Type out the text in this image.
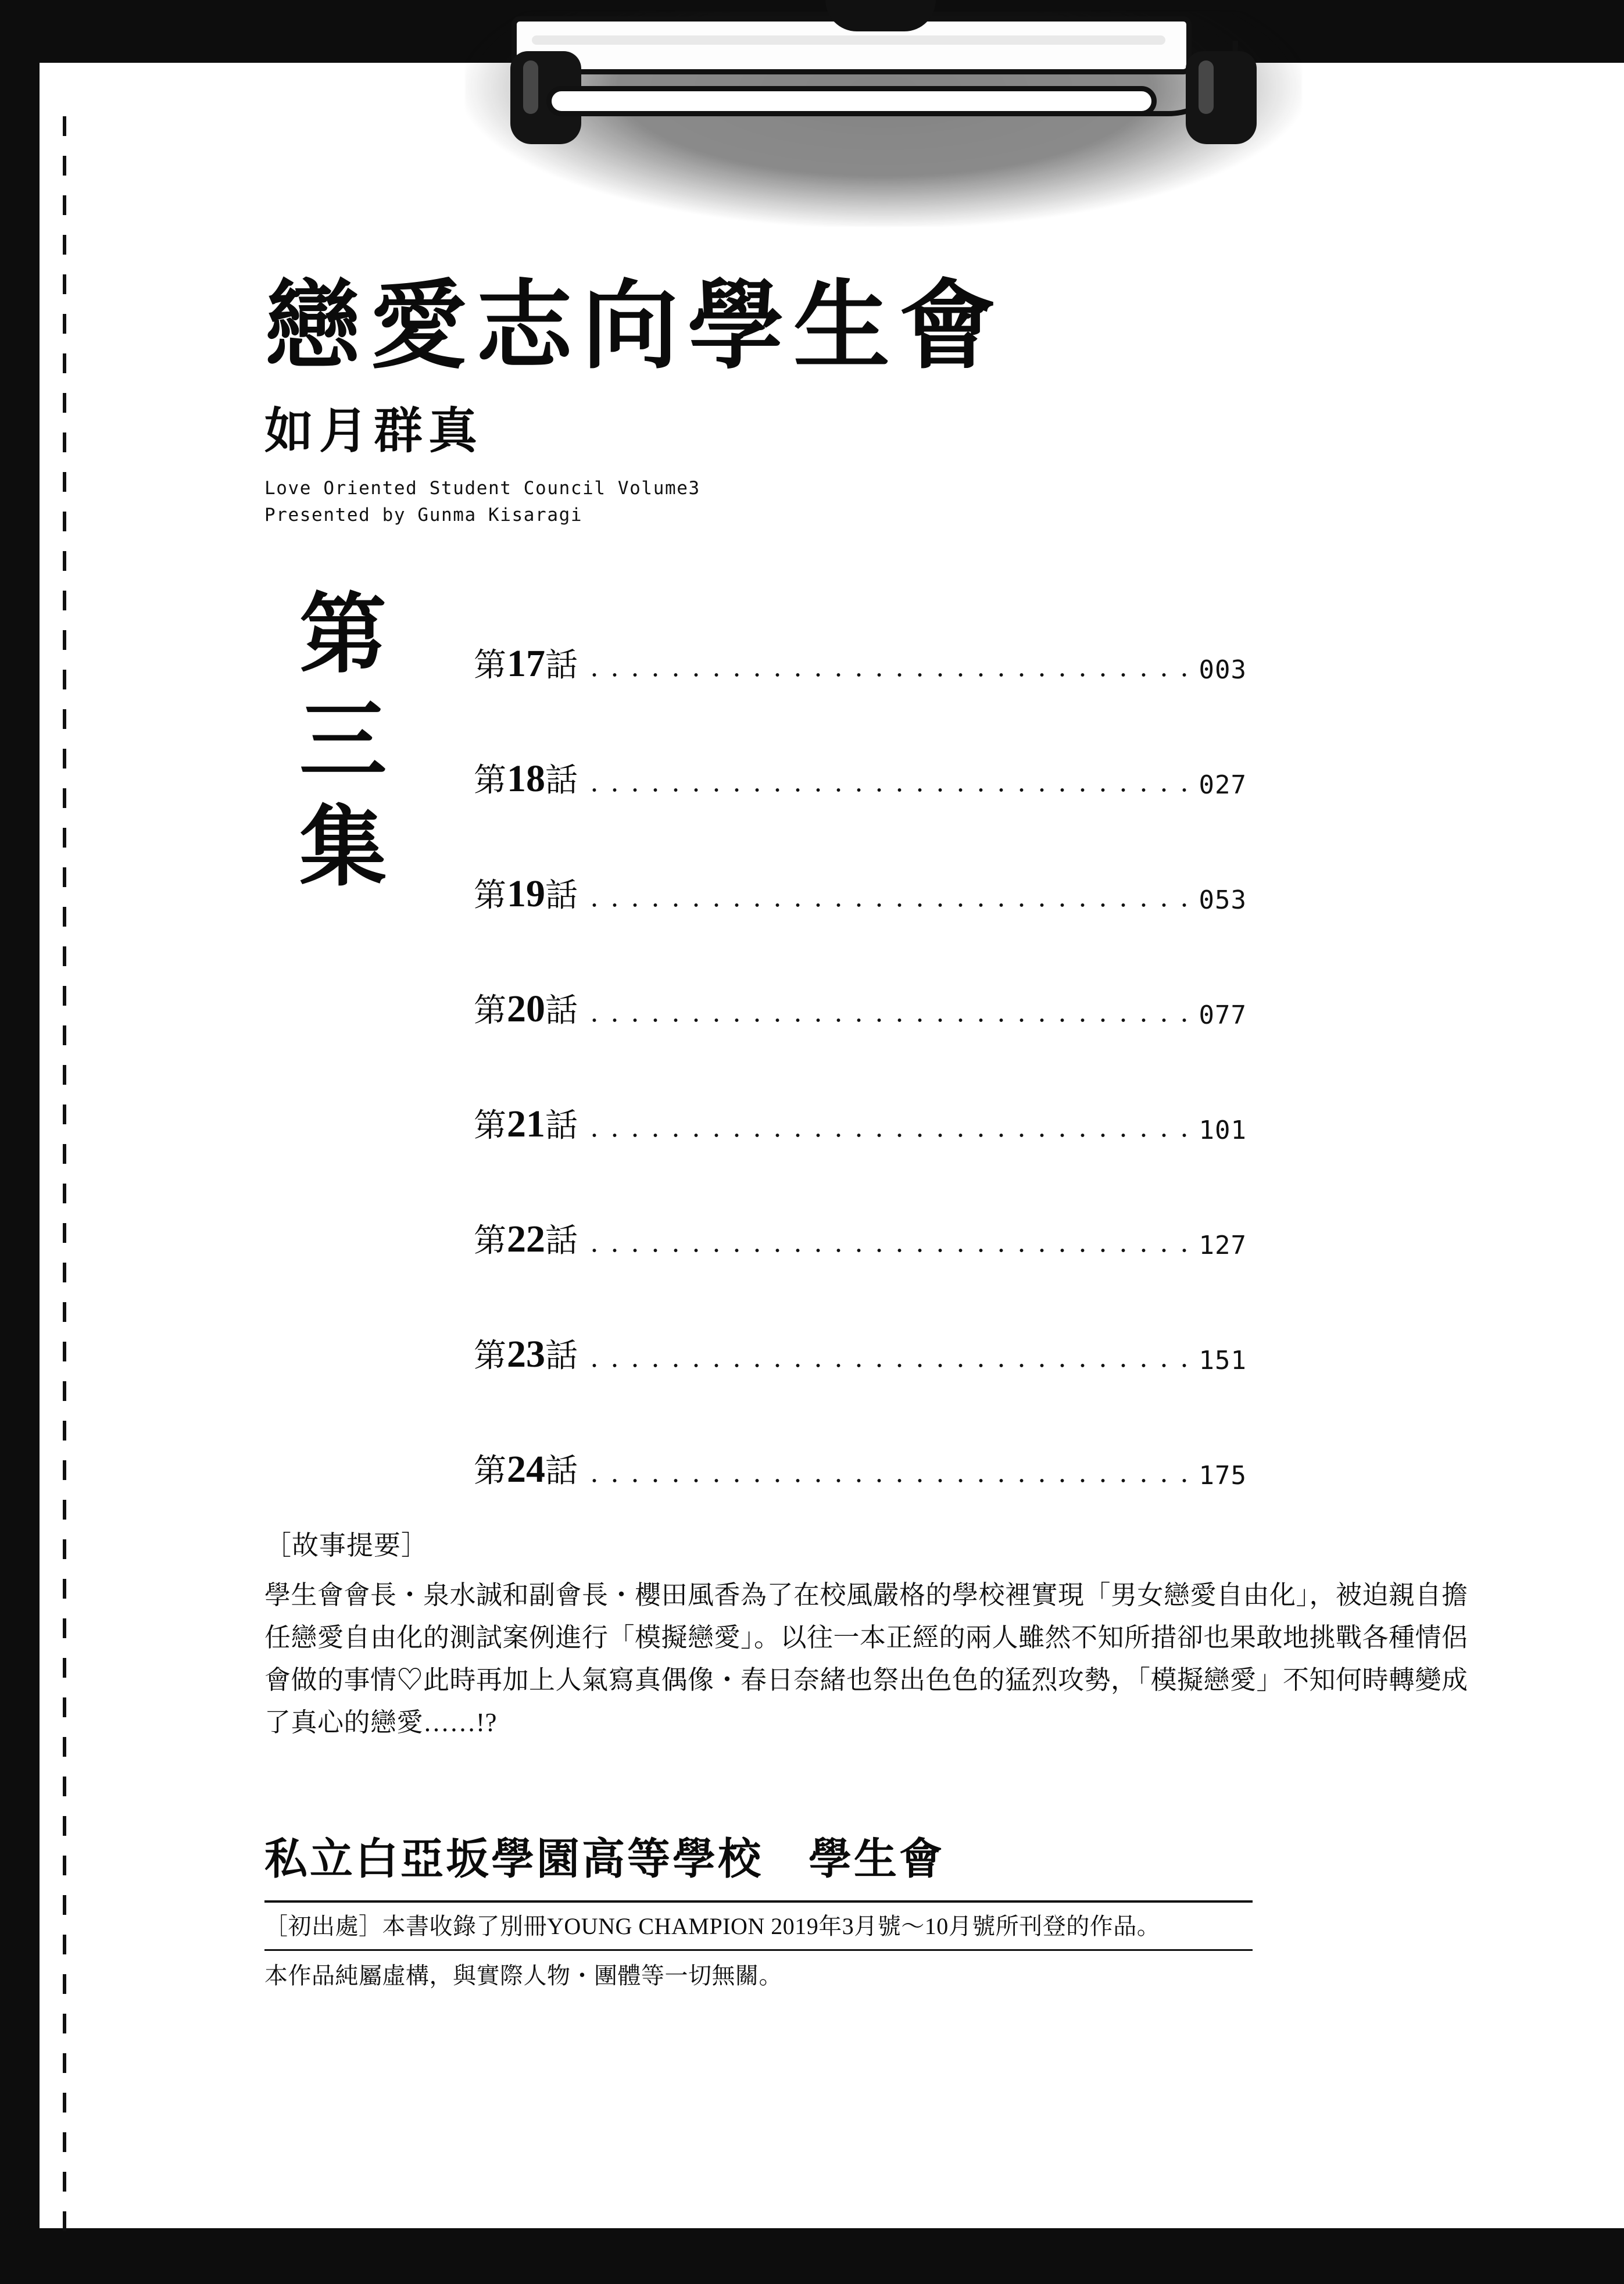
戀愛志向學生會
如月群真

Love Oriented Student Council Volume3

Presented by Gunma Kisaragi

第
三
集
第17話	003
第18話	027
第19話	053
第20話	077
第21話	101
第22話	127
第23話	151
第24話	175
［故事提要］

學生會會長・泉水誠和副會長・櫻田風香為了在校風嚴格的學校裡實現「男女戀愛自由化」，被迫親自擔任戀愛自由化的測試案例進行「模擬戀愛」。以往一本正經的兩人雖然不知所措卻也果敢地挑戰各種情侶會做的事情♡此時再加上人氣寫真偶像・春日奈緒也祭出色色的猛烈攻勢，「模擬戀愛」不知何時轉變成了真心的戀愛……!?

私立白亞坂學園高等學校　學生會
［初出處］本書收錄了別冊YOUNG CHAMPION 2019年3月號～10月號所刊登的作品。
本作品純屬虛構，與實際人物・團體等一切無關。
